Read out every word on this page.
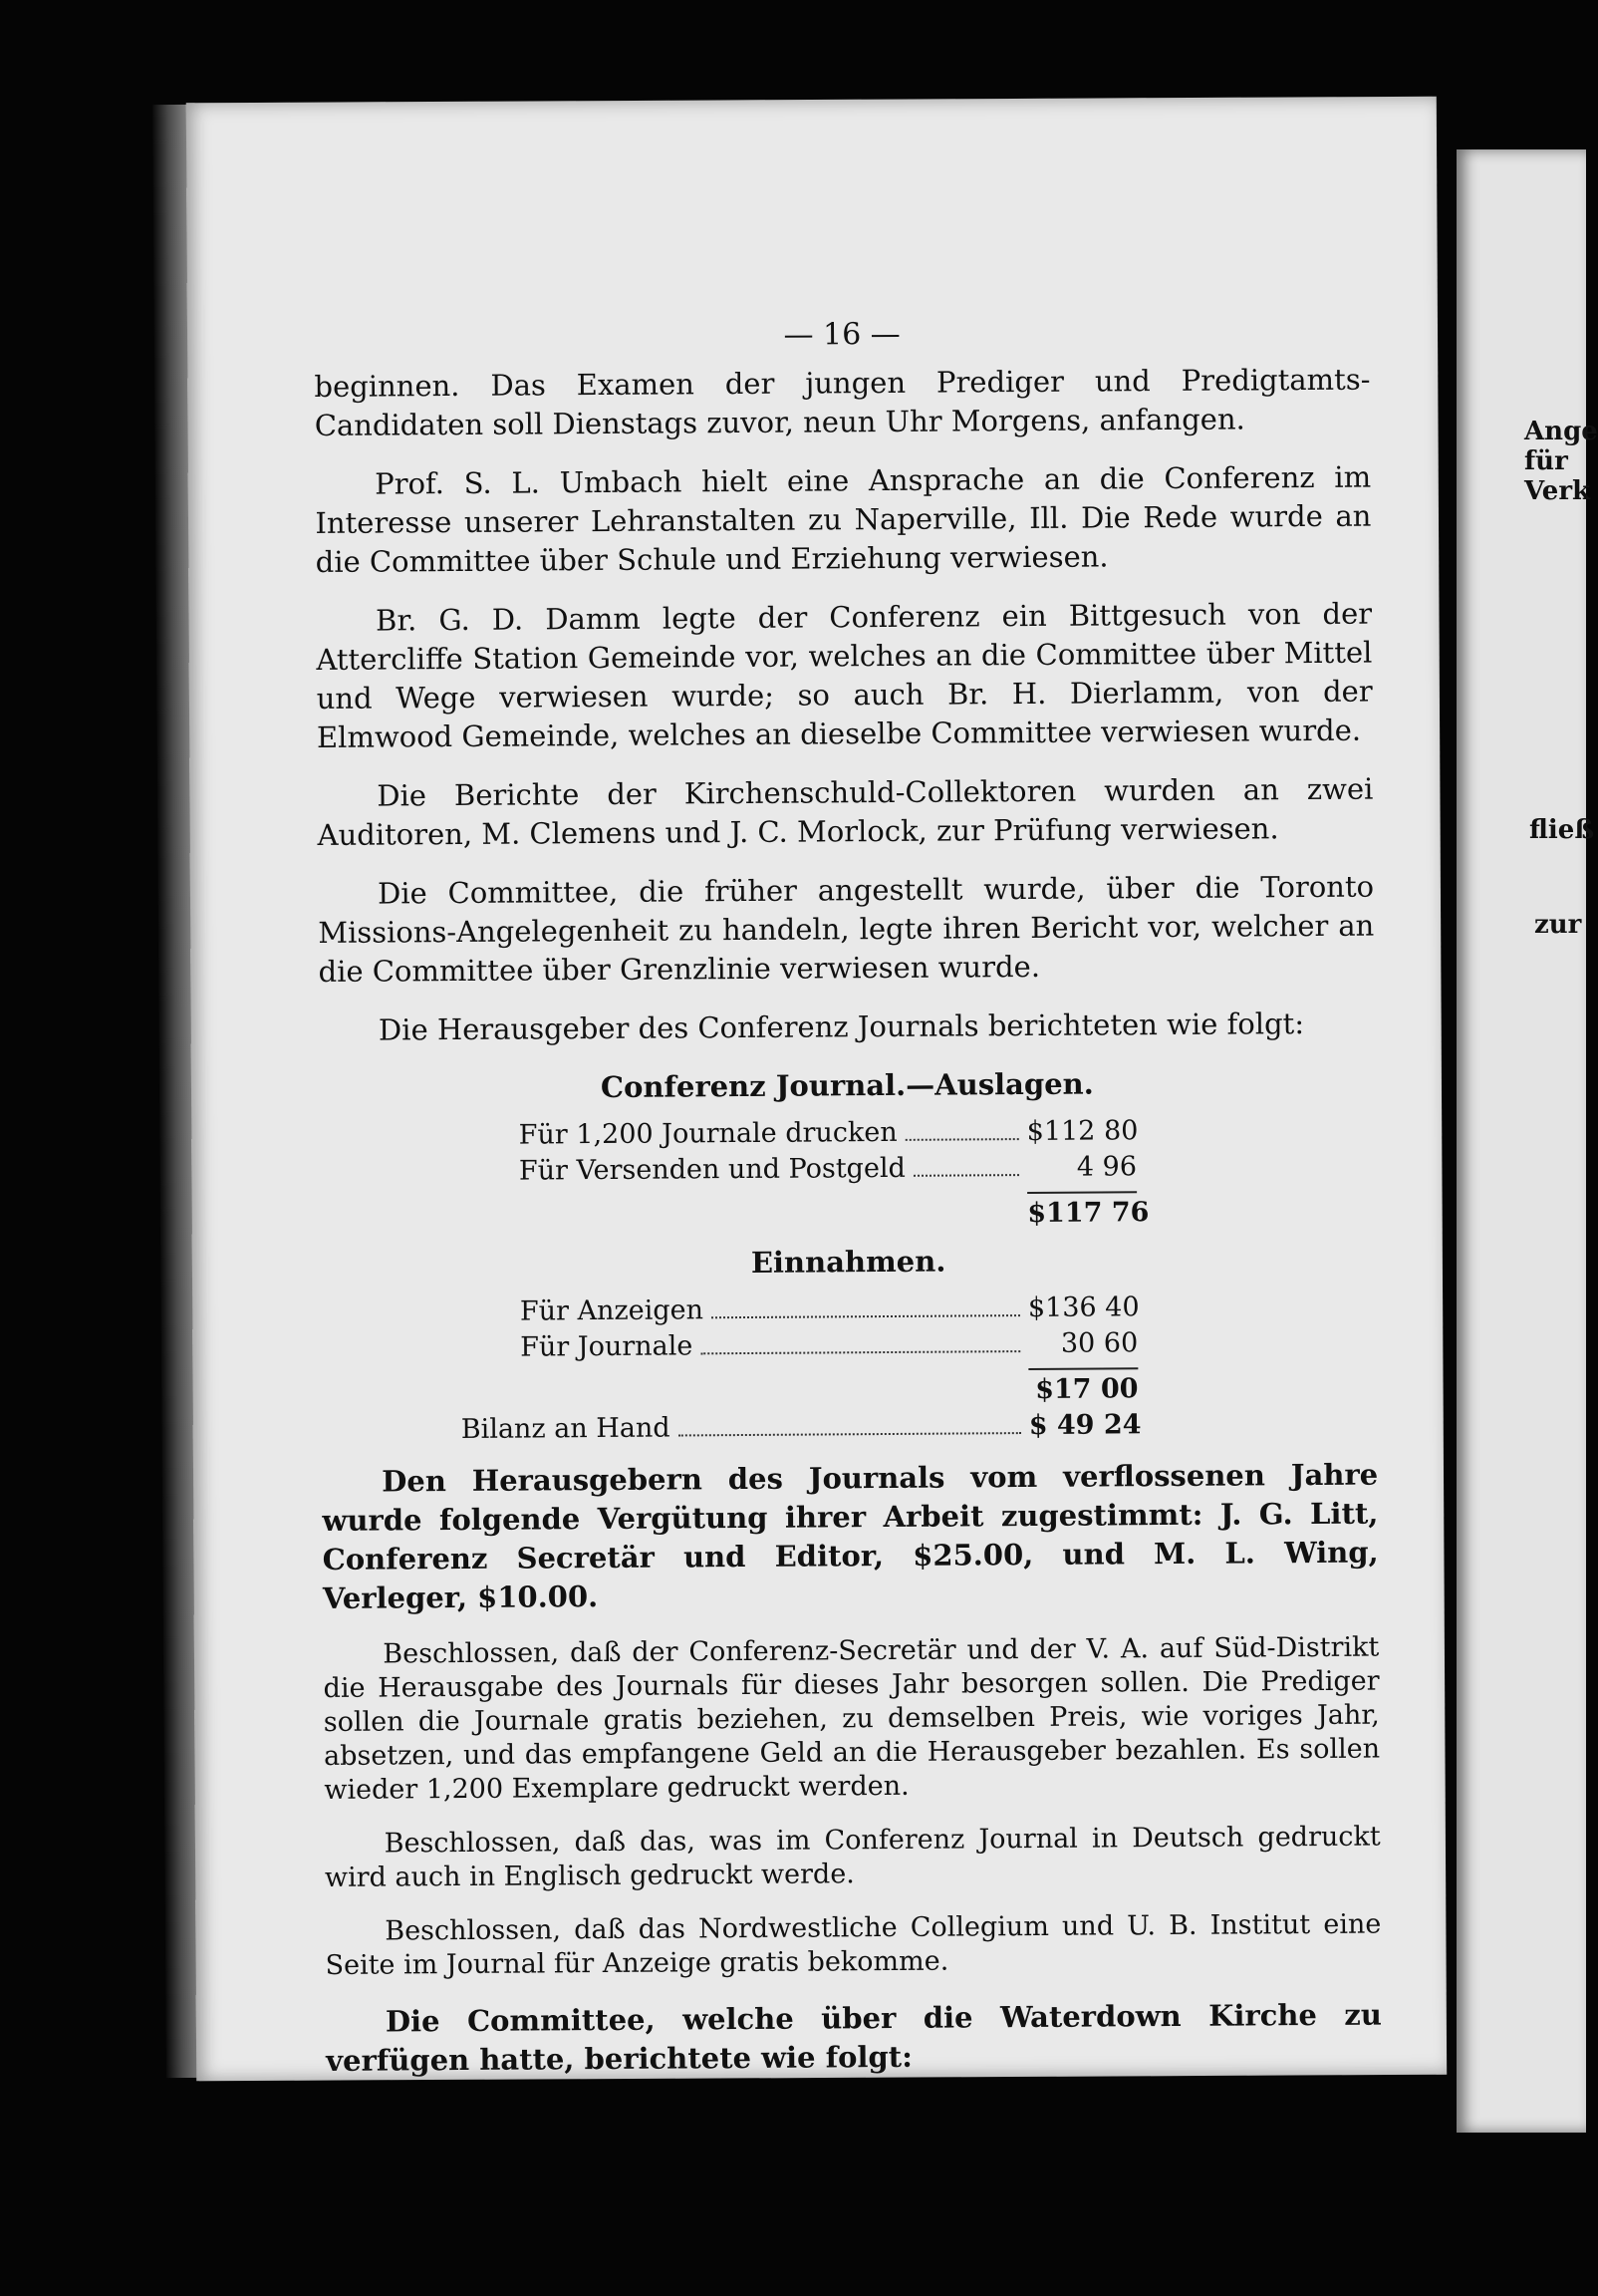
Ange
für
Verk
fließ
zur
— 16 —

beginnen. Das Examen der jungen Prediger und Predigtamts-Candidaten soll Dienstags zuvor, neun Uhr Morgens, anfangen.

Prof. S. L. Umbach hielt eine Ansprache an die Conferenz im Interesse unserer Lehranstalten zu Naperville, Ill. Die Rede wurde an die Committee über Schule und Erziehung verwiesen.

Br. G. D. Damm legte der Conferenz ein Bittgesuch von der Attercliffe Station Gemeinde vor, welches an die Committee über Mittel und Wege verwiesen wurde; so auch Br. H. Dierlamm, von der Elmwood Gemeinde, welches an dieselbe Committee verwiesen wurde.

Die Berichte der Kirchenschuld-Collektoren wurden an zwei Auditoren, M. Clemens und J. C. Morlock, zur Prüfung verwiesen.

Die Committee, die früher angestellt wurde, über die Toronto Missions-Angelegenheit zu handeln, legte ihren Bericht vor, welcher an die Committee über Grenzlinie verwiesen wurde.

Die Herausgeber des Conferenz Journals berichteten wie folgt:

Conferenz Journal.—Auslagen.
Für 1,200 Journale drucken	$112 80
Für Versenden und Postgeld	4 96
$117 76
Einnahmen.
Für Anzeigen	$136 40
Für Journale	30 60
$17 00
Bilanz an Hand	$ 49 24

Den Herausgebern des Journals vom verflossenen Jahre wurde folgende Vergütung ihrer Arbeit zugestimmt: J. G. Litt, Conferenz Secretär und Editor, $25.00, und M. L. Wing, Verleger, $10.00.

Beschlossen, daß der Conferenz-Secretär und der V. A. auf Süd-Distrikt die Herausgabe des Journals für dieses Jahr besorgen sollen. Die Prediger sollen die Journale gratis beziehen, zu demselben Preis, wie voriges Jahr, absetzen, und das empfangene Geld an die Herausgeber bezahlen. Es sollen wieder 1,200 Exemplare gedruckt werden.

Beschlossen, daß das, was im Conferenz Journal in Deutsch gedruckt wird auch in Englisch gedruckt werde.

Beschlossen, daß das Nordwestliche Collegium und U. B. Institut eine Seite im Journal für Anzeige gratis bekomme.

Die Committee, welche über die Waterdown Kirche zu verfügen hatte, berichtete wie folgt:
